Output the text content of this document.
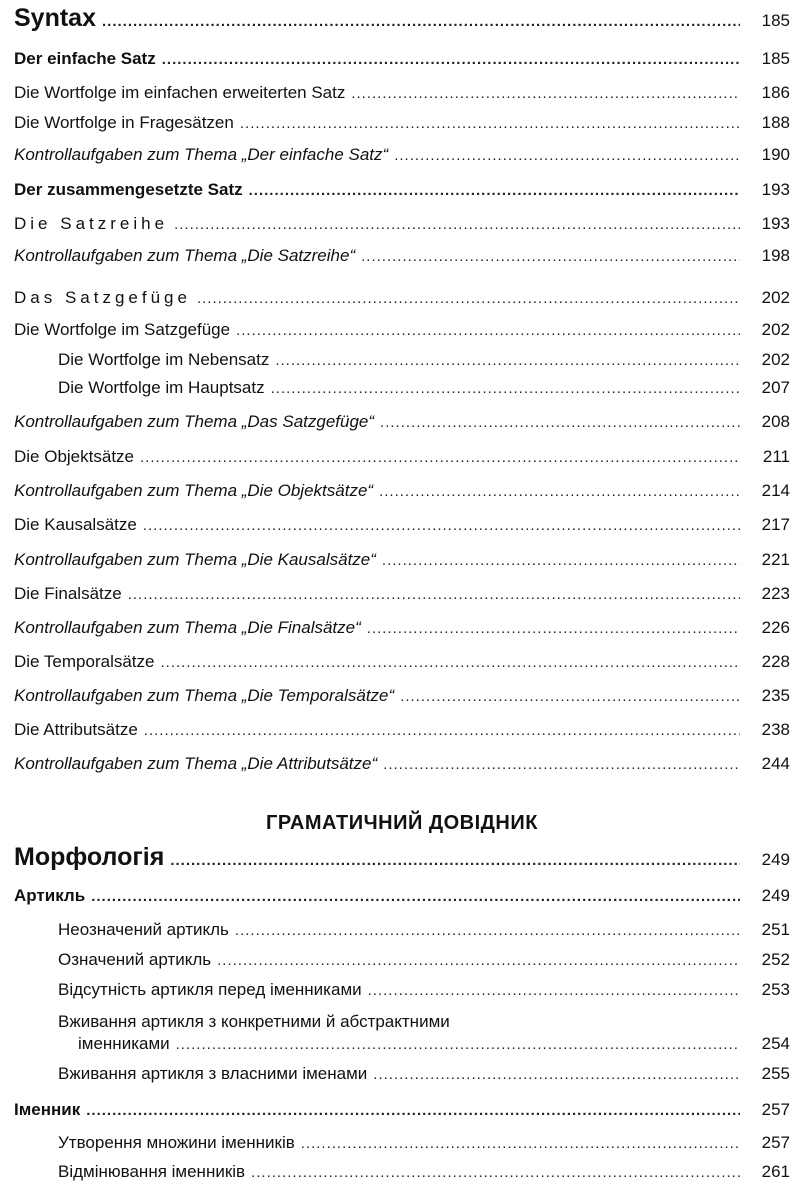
Syntax .....	185
Der einfache Satz .....	185
Die Wortfolge im einfachen erweiterten Satz .....	186
Die Wortfolge in Fragesätzen .....	188
Kontrollaufgaben zum Thema „Der einfache Satz“ .....	190
Der zusammengesetzte Satz .....	193
Die Satzreihe .....	193
Kontrollaufgaben zum Thema „Die Satzreihe“ .....	198
Das Satzgefüge .....	202
Die Wortfolge im Satzgefüge .....	202
Die Wortfolge im Nebensatz .....	202
Die Wortfolge im Hauptsatz .....	207
Kontrollaufgaben zum Thema „Das Satzgefüge“ .....	208
Die Objektsätze .....	211
Kontrollaufgaben zum Thema „Die Objektsätze“ .....	214
Die Kausalsätze .....	217
Kontrollaufgaben zum Thema „Die Kausalsätze“ .....	221
Die Finalsätze .....	223
Kontrollaufgaben zum Thema „Die Finalsätze“ .....	226
Die Temporalsätze .....	228
Kontrollaufgaben zum Thema „Die Temporalsätze“ .....	235
Die Attributsätze .....	238
Kontrollaufgaben zum Thema „Die Attributsätze“ .....	244
ГРАМАТИЧНИЙ ДОВІДНИК
Морфологія .....	249
Артикль .....	249
Неозначений артикль .....	251
Означений артикль .....	252
Відсутність артикля перед іменниками .....	253
Вживання артикля з конкретними й абстрактними
іменниками .....	254
Вживання артикля з власними іменами .....	255
Іменник .....	257
Утворення множини іменників .....	257
Відмінювання іменників .....	261
